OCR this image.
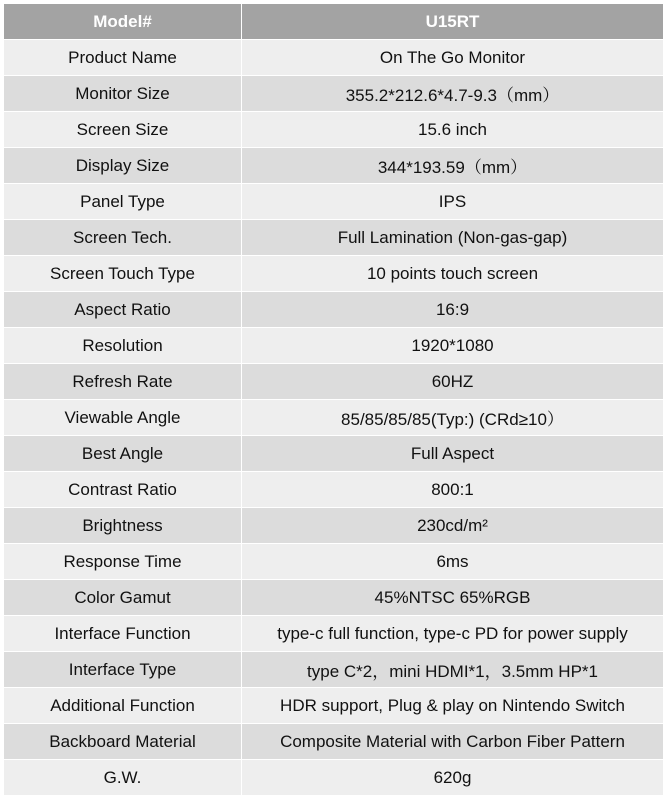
Model#	U15RT
Product Name	On The Go Monitor
Monitor Size	355.2*212.6*4.7-9.3（mm）
Screen Size	15.6 inch
Display Size	344*193.59（mm）
Panel Type	IPS
Screen Tech.	Full Lamination (Non-gas-gap)
Screen Touch Type	10 points touch screen
Aspect Ratio	16:9
Resolution	1920*1080
Refresh Rate	60HZ
Viewable Angle	85/85/85/85(Typ:) (CRd≥10）
Best Angle	Full Aspect
Contrast Ratio	800:1
Brightness	230cd/m²
Response Time	6ms
Color Gamut	45%NTSC 65%RGB
Interface Function	type-c full function, type-c PD for power supply
Interface Type	type C*2，mini HDMI*1，3.5mm HP*1
Additional Function	HDR support, Plug & play on Nintendo Switch
Backboard Material	Composite Material with Carbon Fiber Pattern
G.W.	620g
